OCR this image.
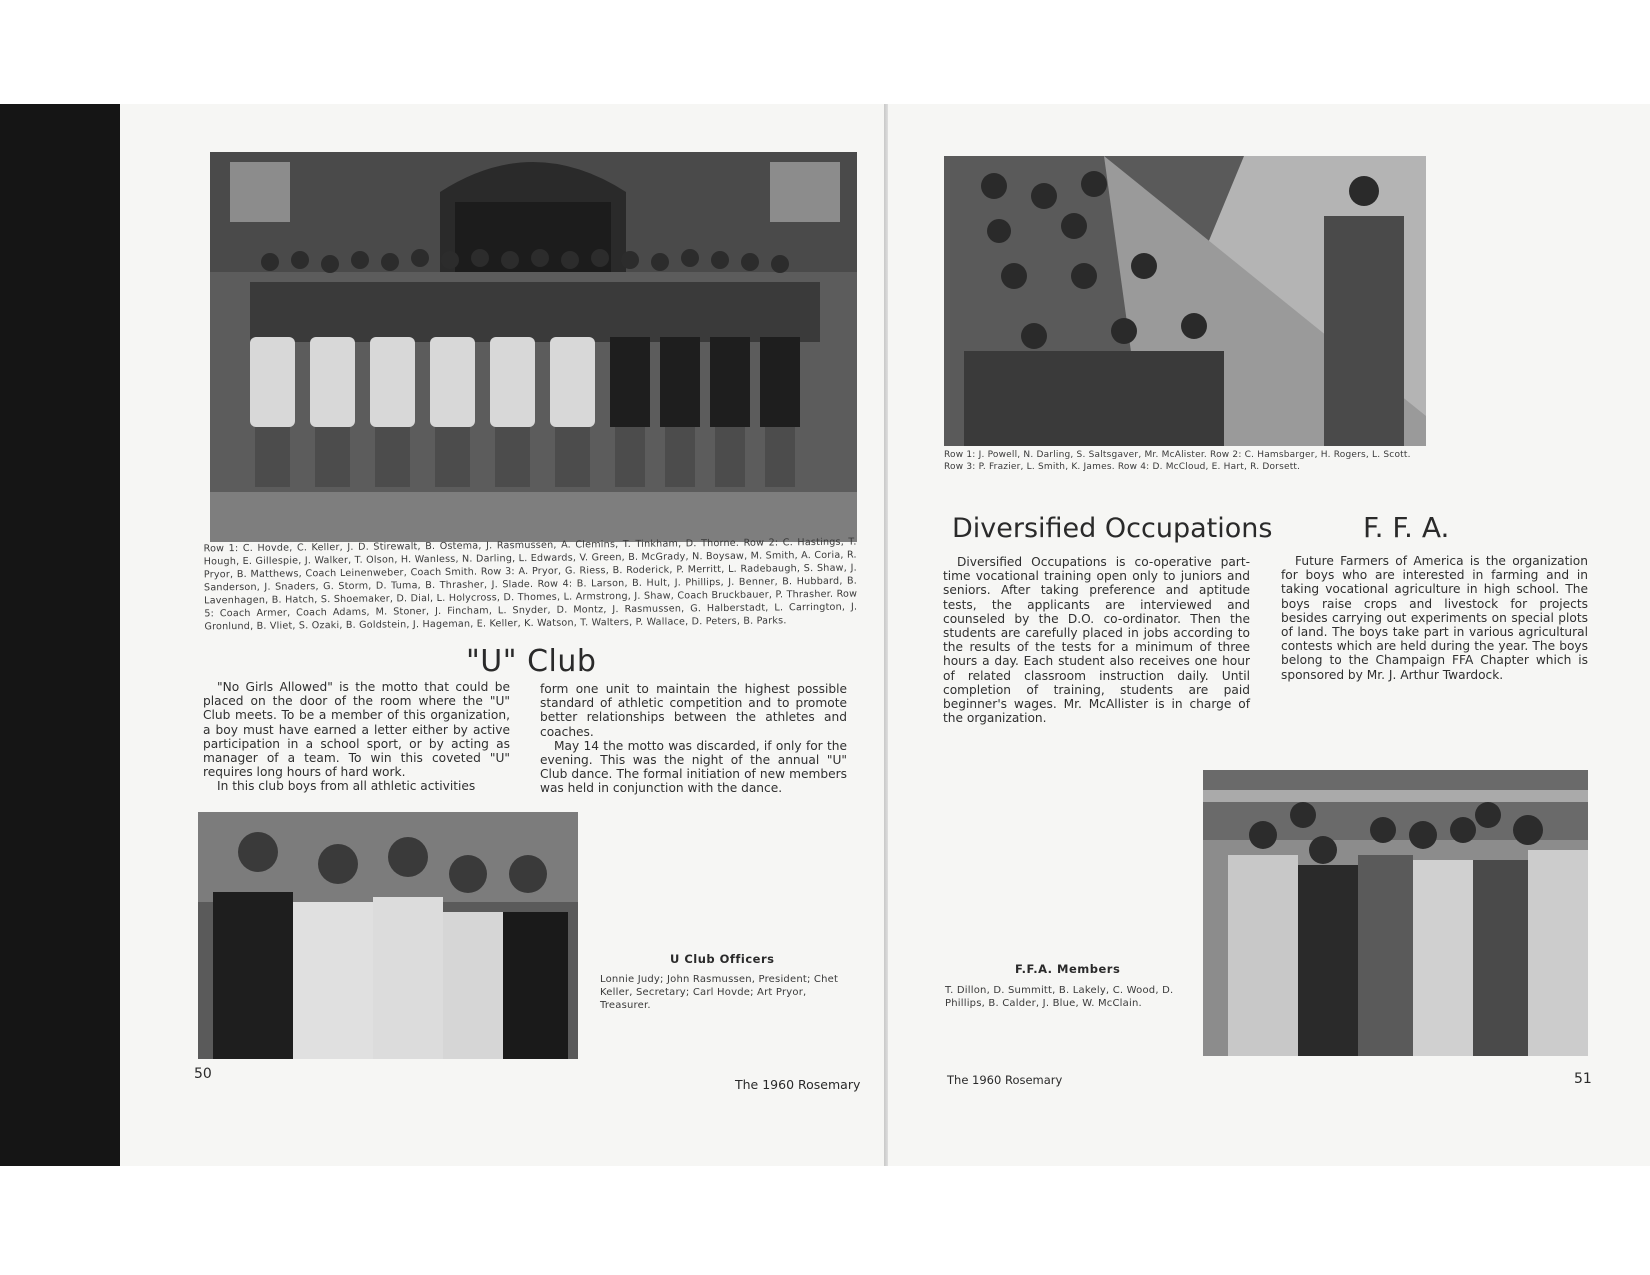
Row 1: C. Hovde, C. Keller, J. D. Stirewalt, B. Ostema, J. Rasmussen, A. Clemins, T. Tinkham, D. Thorne. Row 2: C. Hastings, T. Hough, E. Gillespie, J. Walker, T. Olson, H. Wanless, N. Darling, L. Edwards, V. Green, B. McGrady, N. Boysaw, M. Smith, A. Coria, R. Pryor, B. Matthews, Coach Leinenweber, Coach Smith. Row 3: A. Pryor, G. Riess, B. Roderick, P. Merritt, L. Radebaugh, S. Shaw, J. Sanderson, J. Snaders, G. Storm, D. Tuma, B. Thrasher, J. Slade. Row 4: B. Larson, B. Hult, J. Phillips, J. Benner, B. Hubbard, B. Lavenhagen, B. Hatch, S. Shoemaker, D. Dial, L. Holycross, D. Thomes, L. Armstrong, J. Shaw, Coach Bruckbauer, P. Thrasher. Row 5: Coach Armer, Coach Adams, M. Stoner, J. Fincham, L. Snyder, D. Montz, J. Rasmussen, G. Halberstadt, L. Carrington, J. Gronlund, B. Vliet, S. Ozaki, B. Goldstein, J. Hageman, E. Keller, K. Watson, T. Walters, P. Wallace, D. Peters, B. Parks.
"U" Club

"No Girls Allowed" is the motto that could be placed on the door of the room where the "U" Club meets. To be a member of this organization, a boy must have earned a letter either by active participation in a school sport, or by acting as manager of a team. To win this coveted "U" requires long hours of hard work.

In this club boys from all athletic activities

form one unit to maintain the highest possible standard of athletic competition and to promote better relationships between the athletes and coaches.

May 14 the motto was discarded, if only for the evening. This was the night of the annual "U" Club dance. The formal initiation of new members was held in conjunction with the dance.

U Club Officers
Lonnie Judy; John Rasmussen, President; Chet Keller, Secretary; Carl Hovde; Art Pryor, Treasurer.
50
The 1960 Rosemary
Row 1: J. Powell, N. Darling, S. Saltsgaver, Mr. McAlister. Row 2: C. Hamsbarger, H. Rogers, L. Scott. Row 3: P. Frazier, L. Smith, K. James. Row 4: D. McCloud, E. Hart, R. Dorsett.
Diversified Occupations

Diversified Occupations is co-operative part-time vocational training open only to juniors and seniors. After taking preference and aptitude tests, the applicants are interviewed and counseled by the D.O. co-ordinator. Then the students are carefully placed in jobs according to the results of the tests for a minimum of three hours a day. Each student also receives one hour of related classroom instruction daily. Until completion of training, students are paid beginner's wages. Mr. McAllister is in charge of the organization.

F. F. A.

Future Farmers of America is the organization for boys who are interested in farming and in taking vocational agriculture in high school. The boys raise crops and livestock for projects besides carrying out experiments on special plots of land. The boys take part in various agricultural contests which are held during the year. The boys belong to the Champaign FFA Chapter which is sponsored by Mr. J. Arthur Twardock.

F.F.A. Members
T. Dillon, D. Summitt, B. Lakely, C. Wood, D. Phillips, B. Calder, J. Blue, W. McClain.
The 1960 Rosemary	51
